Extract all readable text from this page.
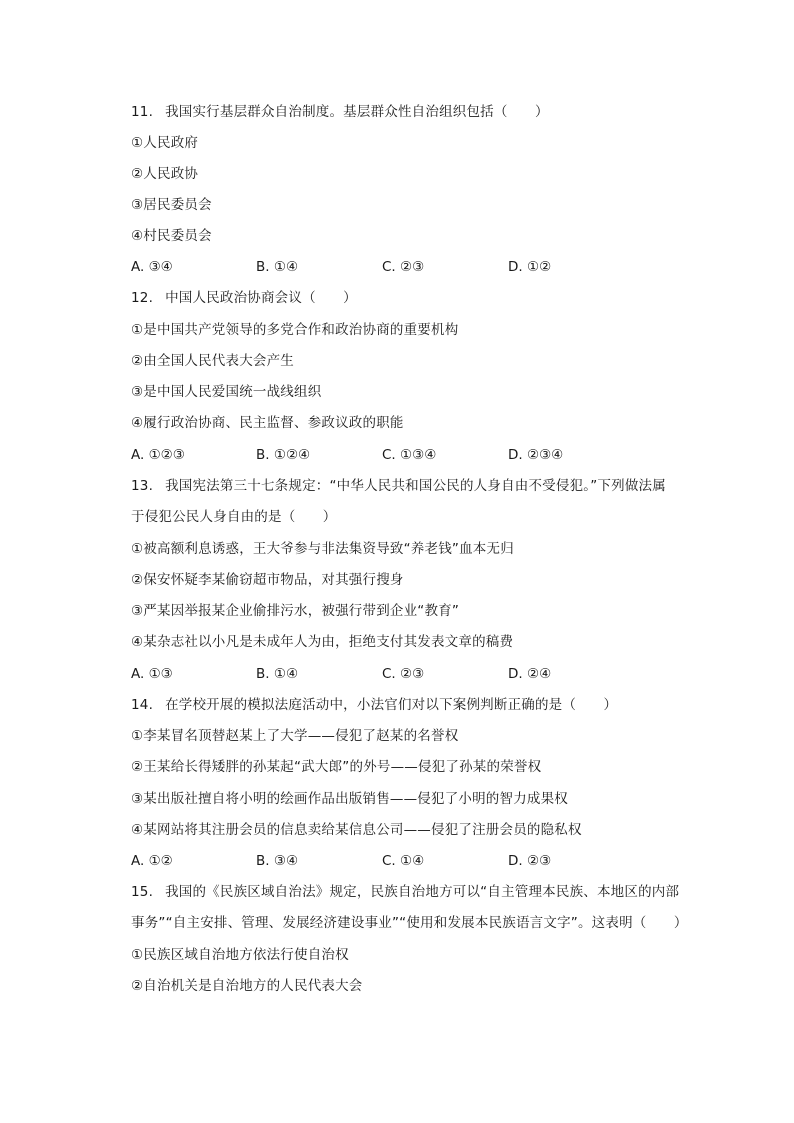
11. 我国实行基层群众自治制度。基层群众性自治组织包括（　　）
①人民政府
②人民政协
③居民委员会
④村民委员会
A. ③④	B. ①④	C. ②③	D. ①②
12. 中国人民政治协商会议（　　）
①是中国共产党领导的多党合作和政治协商的重要机构
②由全国人民代表大会产生
③是中国人民爱国统一战线组织
④履行政治协商、民主监督、参政议政的职能
A. ①②③	B. ①②④	C. ①③④	D. ②③④
13. 我国宪法第三十七条规定：“中华人民共和国公民的人身自由不受侵犯。”下列做法属
于侵犯公民人身自由的是（　　）
①被高额利息诱惑，王大爷参与非法集资导致“养老钱”血本无归
②保安怀疑李某偷窃超市物品，对其强行搜身
③严某因举报某企业偷排污水，被强行带到企业“教育”
④某杂志社以小凡是未成年人为由，拒绝支付其发表文章的稿费
A. ①③	B. ①④	C. ②③	D. ②④
14. 在学校开展的模拟法庭活动中，小法官们对以下案例判断正确的是（　　）
①李某冒名顶替赵某上了大学——侵犯了赵某的名誉权
②王某给长得矮胖的孙某起“武大郎”的外号——侵犯了孙某的荣誉权
③某出版社擅自将小明的绘画作品出版销售——侵犯了小明的智力成果权
④某网站将其注册会员的信息卖给某信息公司——侵犯了注册会员的隐私权
A. ①②	B. ③④	C. ①④	D. ②③
15. 我国的《民族区域自治法》规定，民族自治地方可以“自主管理本民族、本地区的内部
事务”“自主安排、管理、发展经济建设事业”“使用和发展本民族语言文字”。这表明（　　）
①民族区域自治地方依法行使自治权
②自治机关是自治地方的人民代表大会
